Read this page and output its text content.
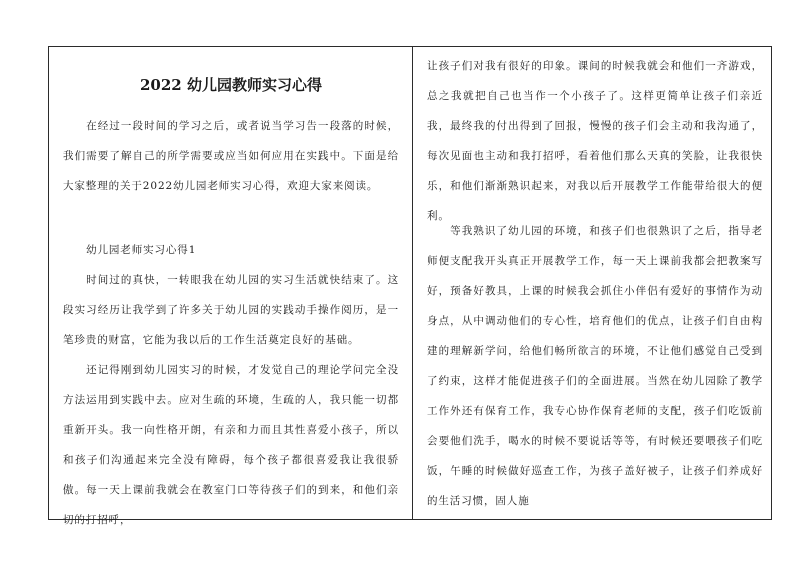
2022 幼儿园教师实习心得

在经过一段时间的学习之后，或者说当学习告一段落的时候，我们需要了解自己的所学需要或应当如何应用在实践中。下面是给大家整理的关于2022幼儿园老师实习心得，欢迎大家来阅读。

幼儿园老师实习心得1

时间过的真快，一转眼我在幼儿园的实习生活就快结束了。这段实习经历让我学到了许多关于幼儿园的实践动手操作阅历，是一笔珍贵的财富，它能为我以后的工作生活奠定良好的基础。

还记得刚到幼儿园实习的时候，才发觉自己的理论学问完全没方法运用到实践中去。应对生疏的环境，生疏的人，我只能一切都重新开头。我一向性格开朗，有亲和力而且其性喜爱小孩子，所以和孩子们沟通起来完全没有障碍，每个孩子都很喜爱我让我很骄傲。每一天上课前我就会在教室门口等待孩子们的到来，和他们亲切的打招呼，

让孩子们对我有很好的印象。课间的时候我就会和他们一齐游戏，总之我就把自己也当作一个小孩子了。这样更简单让孩子们亲近我，最终我的付出得到了回报，慢慢的孩子们会主动和我沟通了，每次见面也主动和我打招呼，看着他们那么天真的笑脸，让我很快乐，和他们渐渐熟识起来，对我以后开展教学工作能带给很大的便利。

等我熟识了幼儿园的环境，和孩子们也很熟识了之后，指导老师便支配我开头真正开展教学工作，每一天上课前我都会把教案写好，预备好教具，上课的时候我会抓住小伴侣有爱好的事情作为动身点，从中调动他们的专心性，培育他们的优点，让孩子们自由构建的理解新学问，给他们畅所欲言的环境，不让他们感觉自己受到了约束，这样才能促进孩子们的全面进展。当然在幼儿园除了教学工作外还有保育工作，我专心协作保育老师的支配，孩子们吃饭前会要他们洗手，喝水的时候不要说话等等，有时候还要喂孩子们吃饭，午睡的时候做好巡查工作，为孩子盖好被子，让孩子们养成好的生活习惯，固人施
